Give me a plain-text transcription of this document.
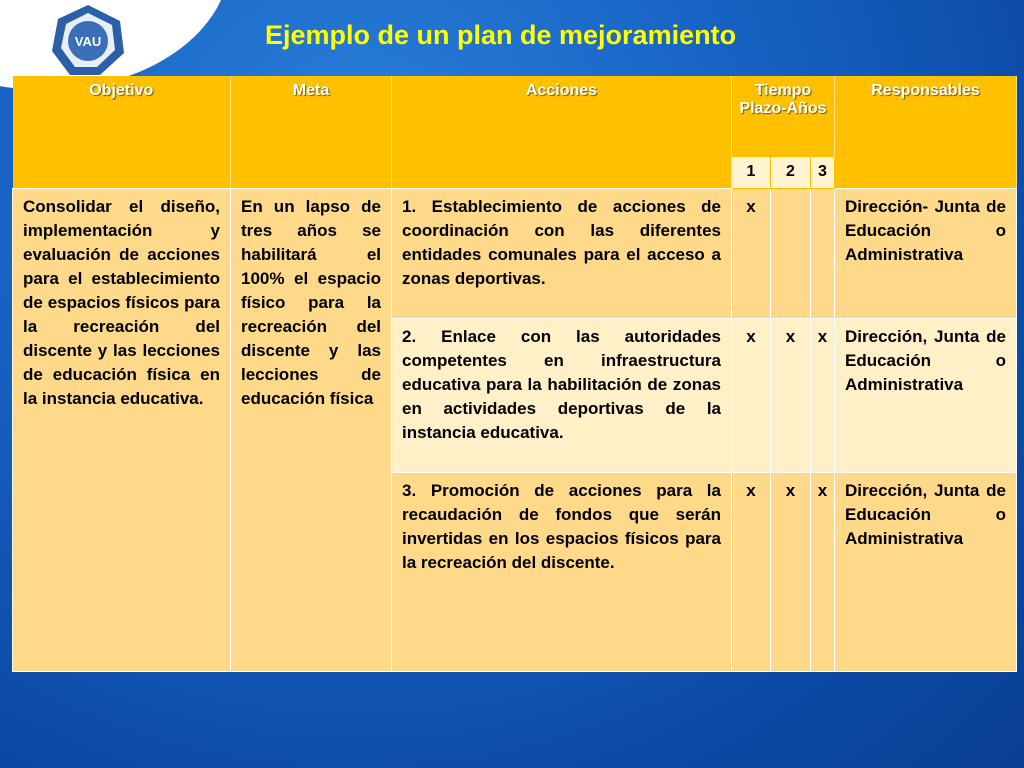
VAU	Ejemplo de un plan de mejoramiento
Objetivo	Meta	Acciones	Tiempo Plazo-Años			Responsables
			1	2	3	
Consolidar el diseño, implementación y evaluación de acciones para el establecimiento de espacios físicos para la recreación del discente y las lecciones de educación física en la instancia educativa.	En un lapso de tres años se habilitará el 100% el espacio físico para la recreación del discente y las lecciones de educación física	1. Establecimiento de acciones de coordinación con las diferentes entidades comunales para el acceso a zonas deportivas.	x			Dirección- Junta de Educación o Administrativa
		2. Enlace con las autoridades competentes en infraestructura educativa para la habilitación de zonas en actividades deportivas de la instancia educativa.	x	x	x	Dirección, Junta de Educación o Administrativa
		3. Promoción de acciones para la recaudación de fondos que serán invertidas en los espacios físicos para la recreación del discente.	x	x	x	Dirección, Junta de Educación o Administrativa
